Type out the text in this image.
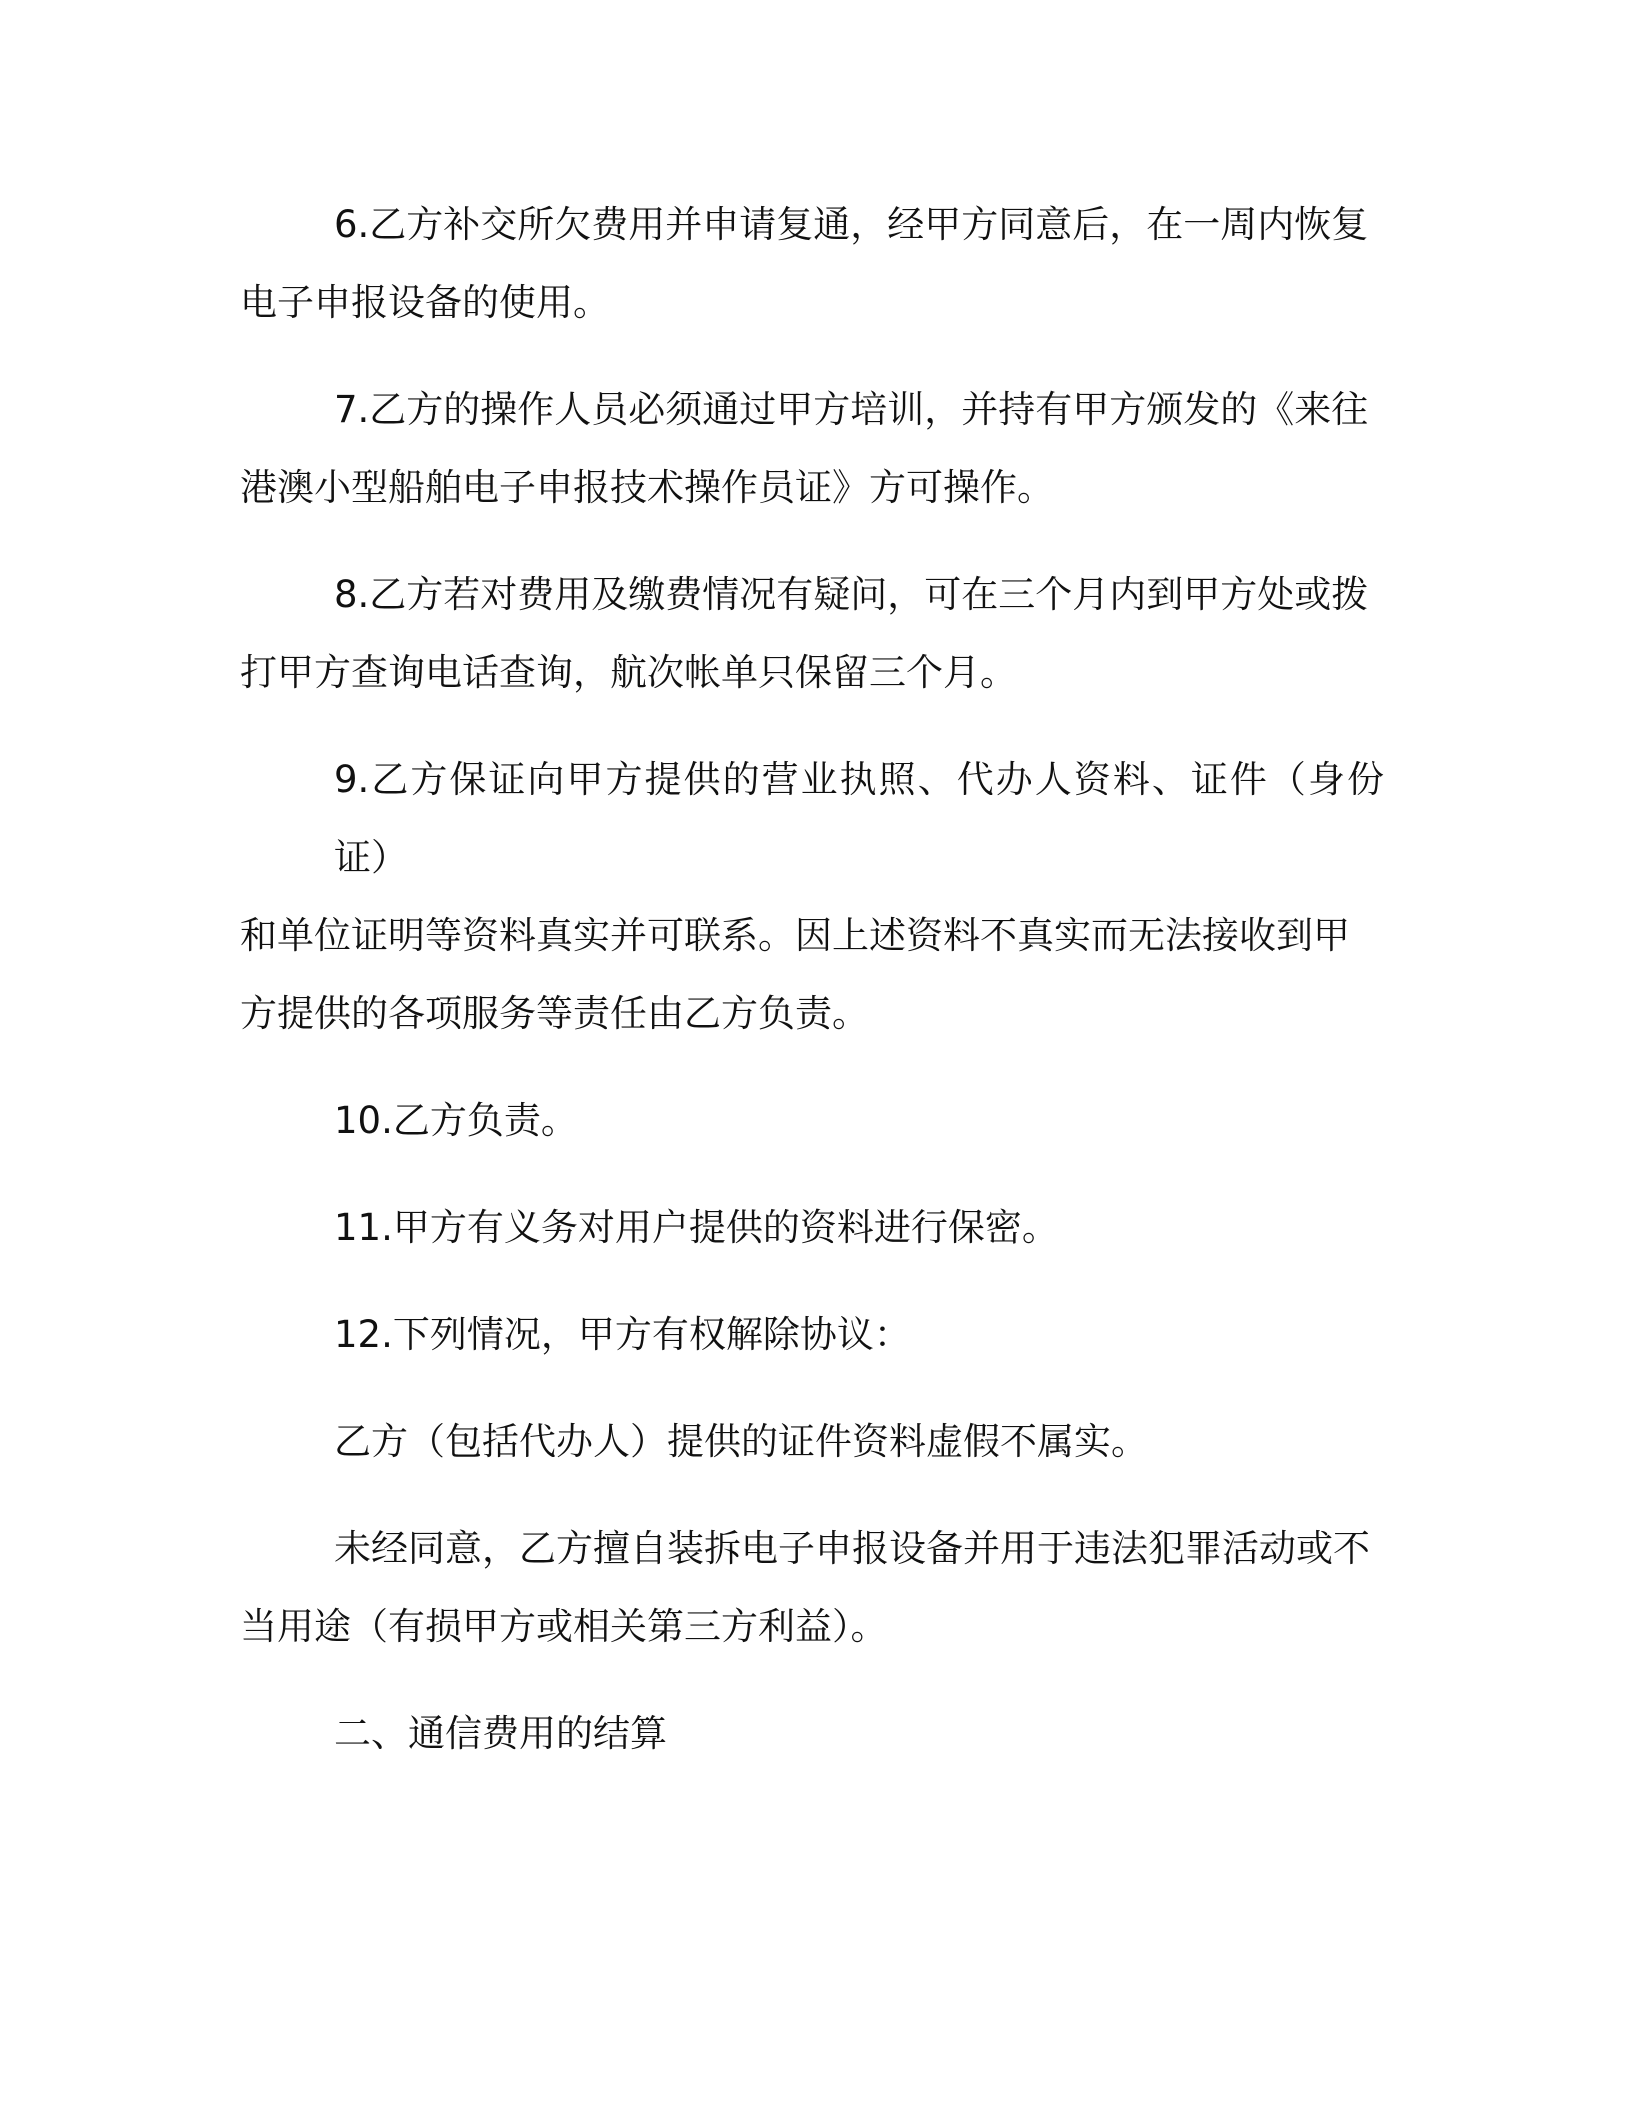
6.乙方补交所欠费用并申请复通，经甲方同意后，在一周内恢复
电子申报设备的使用。
7.乙方的操作人员必须通过甲方培训，并持有甲方颁发的《来往
港澳小型船舶电子申报技术操作员证》方可操作。
8.乙方若对费用及缴费情况有疑问，可在三个月内到甲方处或拨
打甲方查询电话查询，航次帐单只保留三个月。
9.乙方保证向甲方提供的营业执照、代办人资料、证件（身份证）
和单位证明等资料真实并可联系。因上述资料不真实而无法接收到甲
方提供的各项服务等责任由乙方负责。
10.乙方负责。
11.甲方有义务对用户提供的资料进行保密。
12.下列情况，甲方有权解除协议：
乙方（包括代办人）提供的证件资料虚假不属实。
未经同意，乙方擅自装拆电子申报设备并用于违法犯罪活动或不
当用途（有损甲方或相关第三方利益）。
二、通信费用的结算
